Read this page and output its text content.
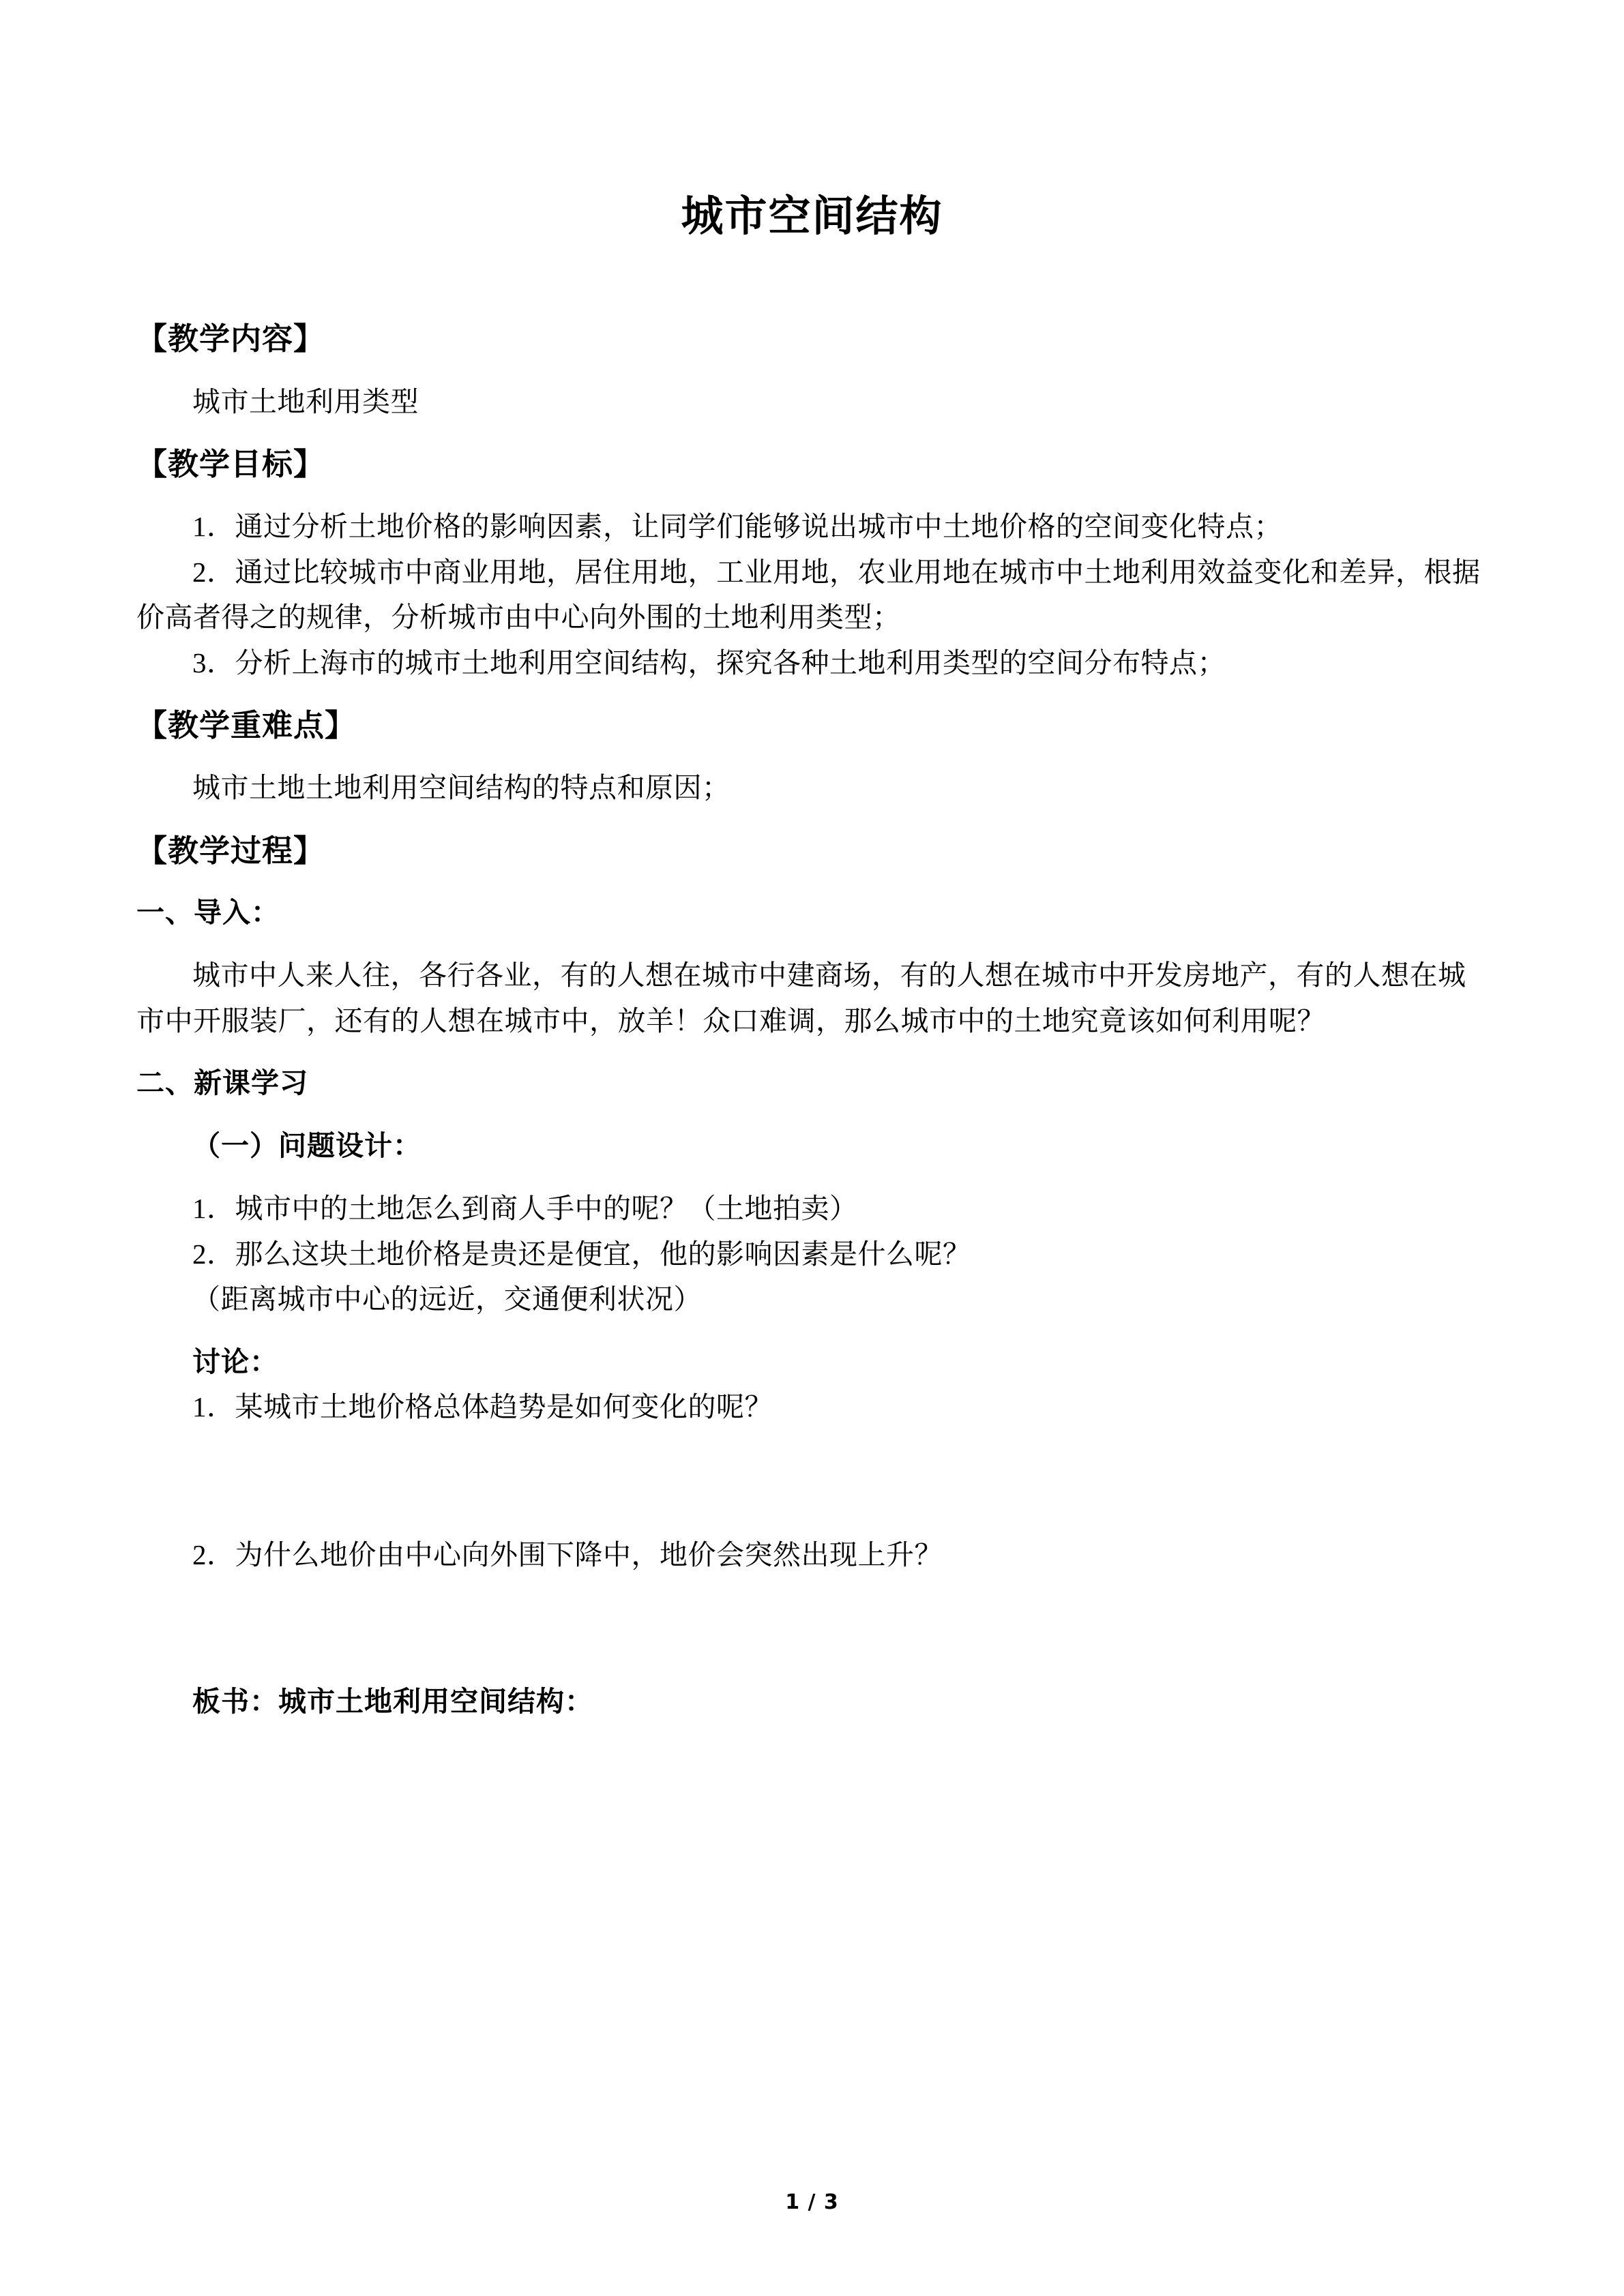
城市空间结构

【教学内容】

城市土地利用类型

【教学目标】

1．通过分析土地价格的影响因素，让同学们能够说出城市中土地价格的空间变化特点；

2．通过比较城市中商业用地，居住用地，工业用地，农业用地在城市中土地利用效益变化和差异，根据价高者得之的规律，分析城市由中心向外围的土地利用类型；

3．分析上海市的城市土地利用空间结构，探究各种土地利用类型的空间分布特点；

【教学重难点】

城市土地土地利用空间结构的特点和原因；

【教学过程】

一、导入：

城市中人来人往，各行各业，有的人想在城市中建商场，有的人想在城市中开发房地产，有的人想在城市中开服装厂，还有的人想在城市中，放羊！众口难调，那么城市中的土地究竟该如何利用呢？

二、新课学习

（一）问题设计：

1．城市中的土地怎么到商人手中的呢？（土地拍卖）

2．那么这块土地价格是贵还是便宜，他的影响因素是什么呢？

（距离城市中心的远近，交通便利状况）

讨论：

1．某城市土地价格总体趋势是如何变化的呢？

2．为什么地价由中心向外围下降中，地价会突然出现上升？

板书：城市土地利用空间结构：

1 / 3
